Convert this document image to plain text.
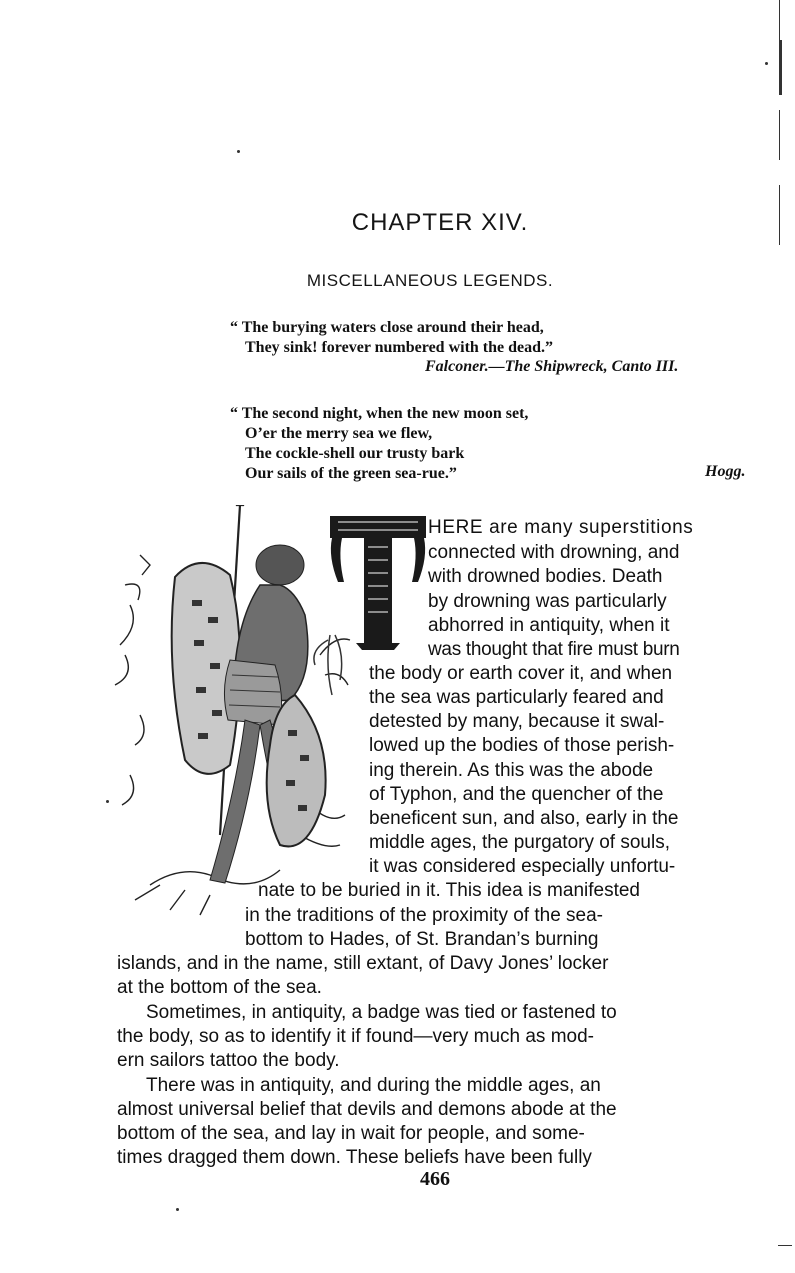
CHAPTER XIV.
MISCELLANEOUS LEGENDS.
“ The burying waters close around their head,
They sink! forever numbered with the dead.”
Falconer.—The Shipwreck, Canto III.
“ The second night, when the new moon set,
O’er the merry sea we flew,
The cockle-shell our trusty bark
Our sails of the green sea-rue.”	Hogg.
HERE are many superstitions
connected with drowning, and
with drowned bodies. Death
by drowning was particularly
abhorred in antiquity, when it
was thought that fire must burn
the body or earth cover it, and when
the sea was particularly feared and
detested by many, because it swal-
lowed up the bodies of those perish-
ing therein. As this was the abode
of Typhon, and the quencher of the
beneficent sun, and also, early in the
middle ages, the purgatory of souls,
it was considered especially unfortu-
nate to be buried in it. This idea is manifested
in the traditions of the proximity of the sea-
bottom to Hades, of St. Brandan’s burning
islands, and in the name, still extant, of Davy Jones’ locker
at the bottom of the sea.
Sometimes, in antiquity, a badge was tied or fastened to
the body, so as to identify it if found—very much as mod-
ern sailors tattoo the body.
There was in antiquity, and during the middle ages, an
almost universal belief that devils and demons abode at the
bottom of the sea, and lay in wait for people, and some-
times dragged them down. These beliefs have been fully
466
